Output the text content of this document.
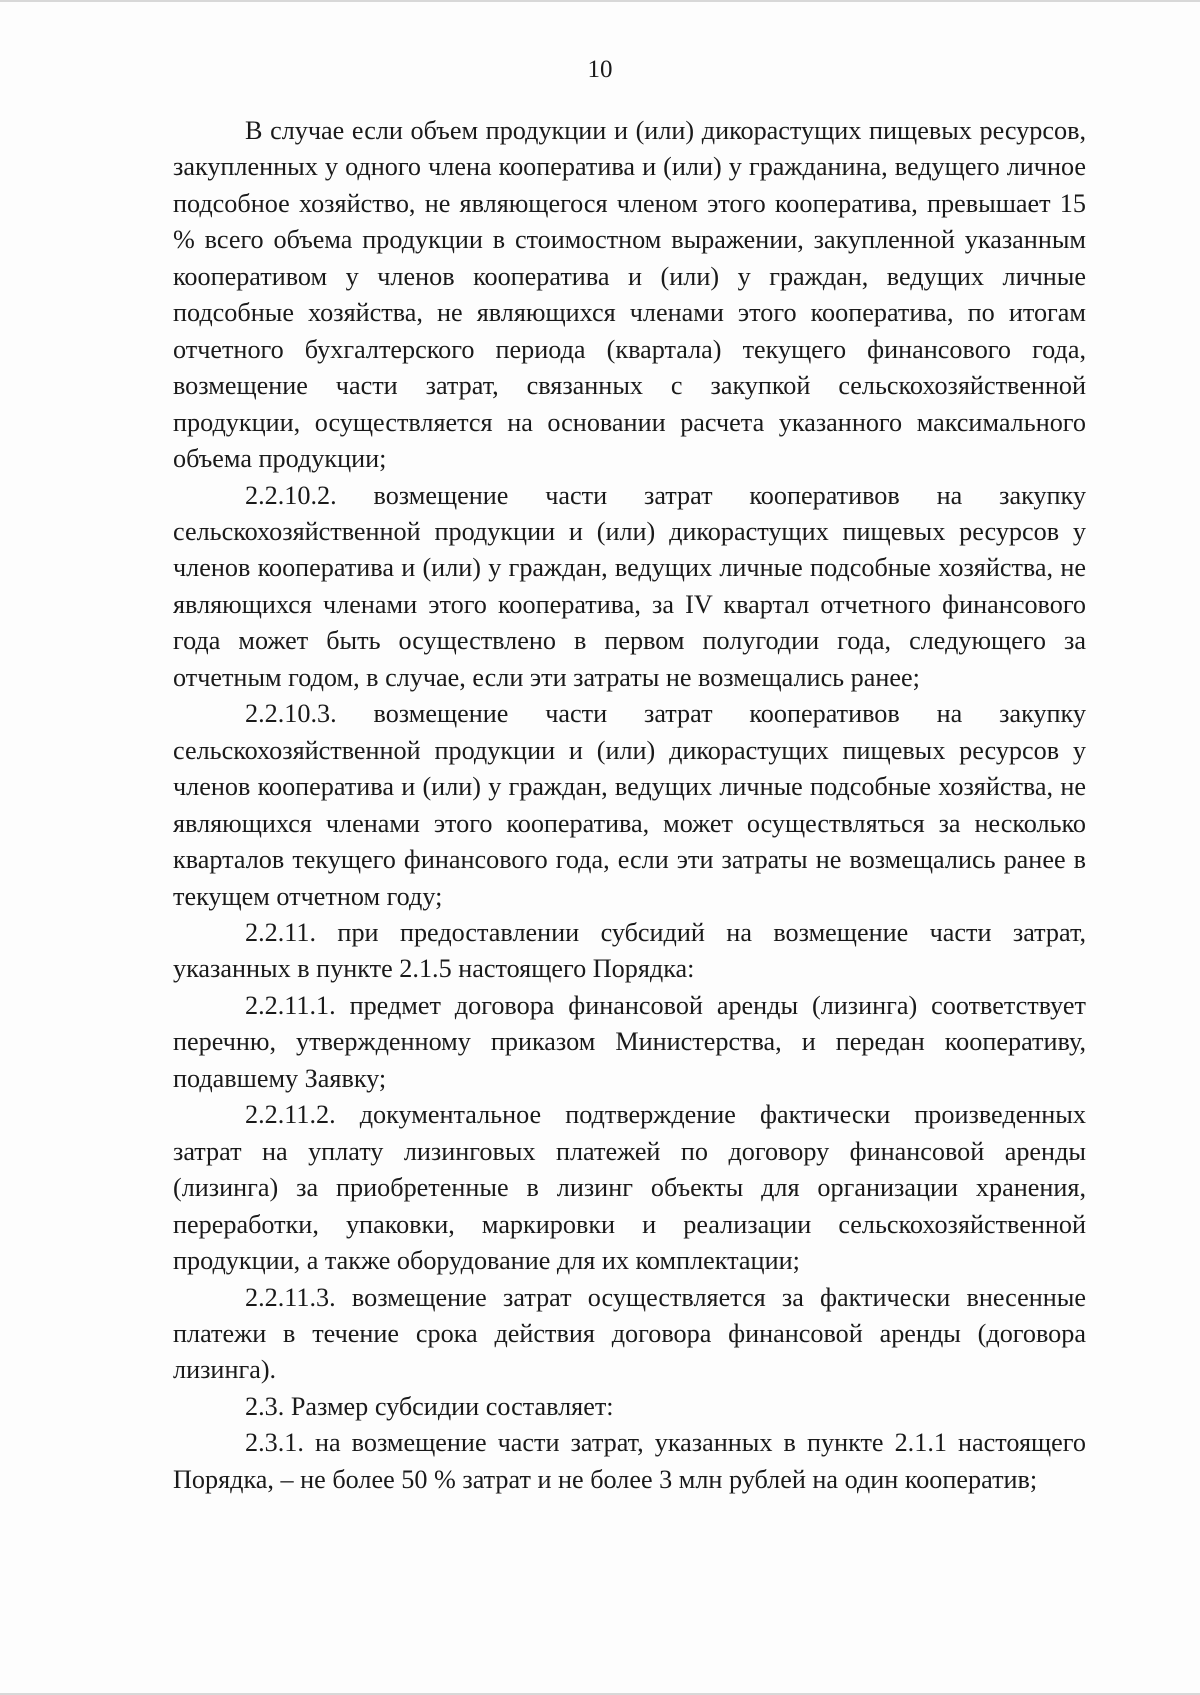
10

В случае если объем продукции и (или) дикорастущих пищевых ресурсов, закупленных у одного члена кооператива и (или) у гражданина, ведущего личное подсобное хозяйство, не являющегося членом этого кооператива, превышает 15 % всего объема продукции в стоимостном выражении, закупленной указанным кооперативом у членов кооператива и (или) у граждан, ведущих личные подсобные хозяйства, не являющихся членами этого кооператива, по итогам отчетного бухгалтерского периода (квартала) текущего финансового года, возмещение части затрат, связанных с закупкой сельскохозяйственной продукции, осуществляется на основании расчета указанного максимального объема продукции;

2.2.10.2. возмещение части затрат кооперативов на закупку сельскохозяйственной продукции и (или) дикорастущих пищевых ресурсов у членов кооператива и (или) у граждан, ведущих личные подсобные хозяйства, не являющихся членами этого кооператива, за IV квартал отчетного финансового года может быть осуществлено в первом полугодии года, следующего за отчетным годом, в случае, если эти затраты не возмещались ранее;

2.2.10.3. возмещение части затрат кооперативов на закупку сельскохозяйственной продукции и (или) дикорастущих пищевых ресурсов у членов кооператива и (или) у граждан, ведущих личные подсобные хозяйства, не являющихся членами этого кооператива, может осуществляться за несколько кварталов текущего финансового года, если эти затраты не возмещались ранее в текущем отчетном году;

2.2.11. при предоставлении субсидий на возмещение части затрат, указанных в пункте 2.1.5 настоящего Порядка:

2.2.11.1. предмет договора финансовой аренды (лизинга) соответствует перечню, утвержденному приказом Министерства, и передан кооперативу, подавшему Заявку;

2.2.11.2. документальное подтверждение фактически произведенных затрат на уплату лизинговых платежей по договору финансовой аренды (лизинга) за приобретенные в лизинг объекты для организации хранения, переработки, упаковки, маркировки и реализации сельскохозяйственной продукции, а также оборудование для их комплектации;

2.2.11.3. возмещение затрат осуществляется за фактически внесенные платежи в течение срока действия договора финансовой аренды (договора лизинга).

2.3. Размер субсидии составляет:

2.3.1. на возмещение части затрат, указанных в пункте 2.1.1 настоящего Порядка, – не более 50 % затрат и не более 3 млн рублей на один кооператив;
